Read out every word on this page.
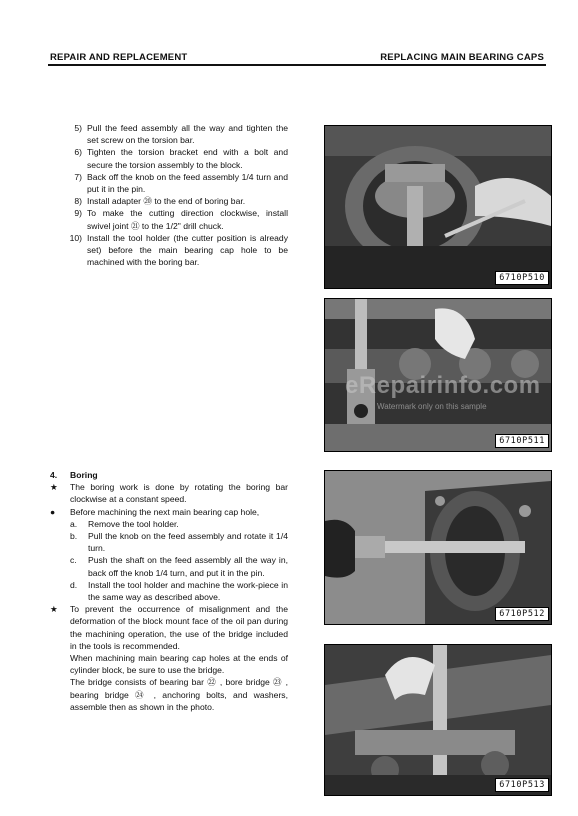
REPAIR AND REPLACEMENT	REPLACING MAIN BEARING CAPS
5) Pull the feed assembly all the way and tighten the set screw on the torsion bar.
6) Tighten the torsion bracket end with a bolt and secure the torsion assembly to the block.
7) Back off the knob on the feed assembly 1/4 turn and put it in the pin.
8) Install adapter ⑳ to the end of boring bar.
9) To make the cutting direction clockwise, install swivel joint ㉑ to the 1/2" drill chuck.
10) Install the tool holder (the cutter position is already set) before the main bearing cap hole to be machined with the boring bar.
4.	Boring
★	The boring work is done by rotating the boring bar clockwise at a constant speed.
●	Before machining the next main bearing cap hole,
a.	Remove the tool holder.
b.	Pull the knob on the feed assembly and rotate it 1/4 turn.
c.	Push the shaft on the feed assembly all the way in, back off the knob 1/4 turn, and put it in the pin.
d.	Install the tool holder and machine the work-piece in the same way as described above.
★	To prevent the occurrence of misalignment and the deformation of the block mount face of the oil pan during the machining operation, the use of the bridge included in the tools is recommended.
When machining main bearing cap holes at the ends of cylinder block, be sure to use the bridge.
The bridge consists of bearing bar ㉒ , bore bridge ㉓ , bearing bridge ㉔ , anchoring bolts, and washers, assemble then as shown in the photo.
6710P510
6710P511
6710P512
6710P513
eRepairinfo.com
Watermark only on this sample
